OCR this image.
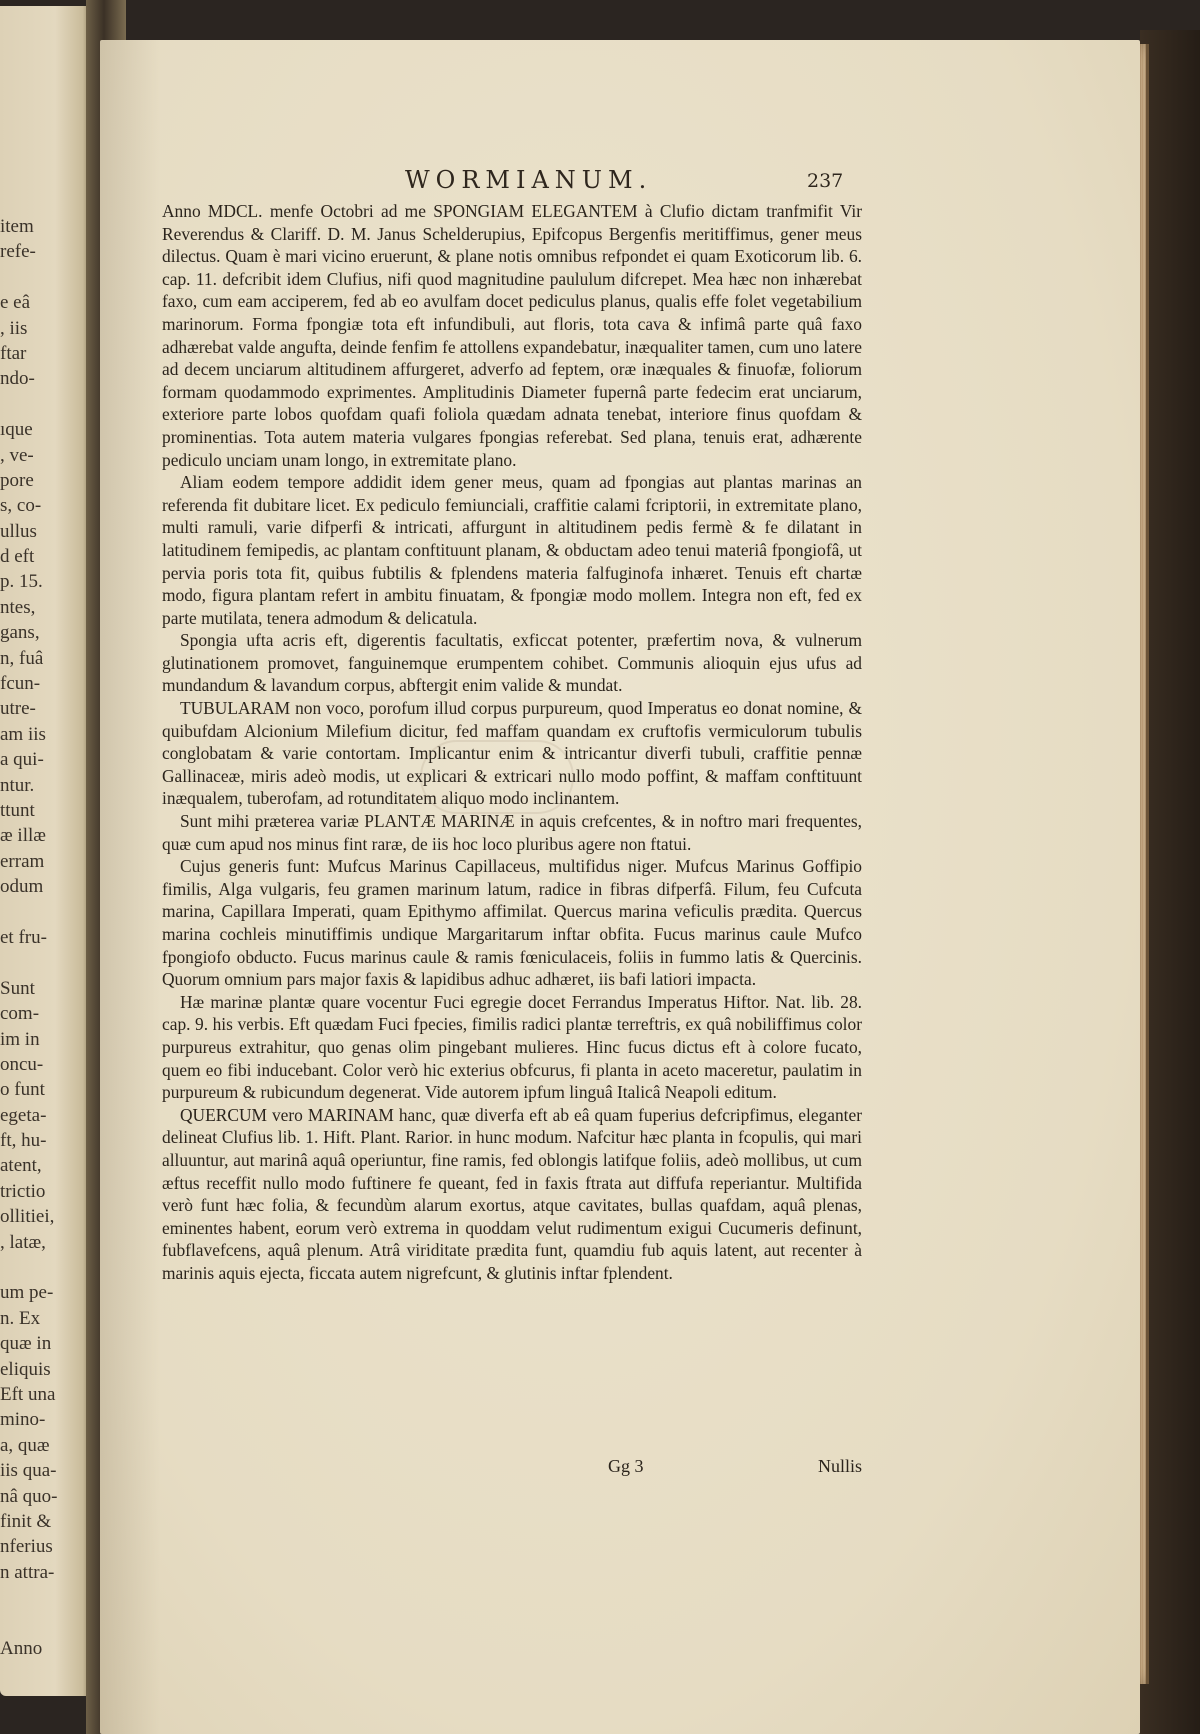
item
refe-
e eâ
, iis
ftar
ndo-
ıque
, ve-
pore
s, co-
ullus
d eft
p. 15.
ntes,
gans,
n, fuâ
fcun-
utre-
am iis
a qui-
ntur.
ttunt
æ illæ
erram
odum
et fru-
Sunt
com-
im in
oncu-
o funt
egeta-
ft, hu-
atent,
trictio
ollitiei,
, latæ,
um pe-
n. Ex
quæ in
eliquis
Eft una
mino-
a, quæ
iis qua-
nâ quo-
finit &
nferius
n attra-
Anno
WORMIANUM.	237

Anno MDCL. menfe Octobri ad me SPONGIAM ELEGANTEM à Clufio dictam tranfmifit Vir Reverendus & Clariff. D. M. Janus Schelderupius, Epifcopus Bergenfis meritiffimus, gener meus dilectus. Quam è mari vicino eruerunt, & plane notis omnibus refpondet ei quam Exoticorum lib. 6. cap. 11. defcribit idem Clufius, nifi quod magnitudine paululum difcrepet. Mea hæc non inhærebat faxo, cum eam acciperem, fed ab eo avulfam docet pediculus planus, qualis effe folet vegetabilium marinorum. Forma fpongiæ tota eft infundibuli, aut floris, tota cava & infimâ parte quâ faxo adhærebat valde angufta, deinde fenfim fe attollens expandebatur, inæqualiter tamen, cum uno latere ad decem unciarum altitudinem affurgeret, adverfo ad feptem, oræ inæquales & finuofæ, foliorum formam quodammodo exprimentes. Amplitudinis Diameter fupernâ parte fedecim erat unciarum, exteriore parte lobos quofdam quafi foliola quædam adnata tenebat, interiore finus quofdam & prominentias. Tota autem materia vulgares fpongias referebat. Sed plana, tenuis erat, adhærente pediculo unciam unam longo, in extremitate plano.

Aliam eodem tempore addidit idem gener meus, quam ad fpongias aut plantas marinas an referenda fit dubitare licet. Ex pediculo femiunciali, craffitie calami fcriptorii, in extremitate plano, multi ramuli, varie difperfi & intricati, affurgunt in altitudinem pedis fermè & fe dilatant in latitudinem femipedis, ac plantam conftituunt planam, & obductam adeo tenui materiâ fpongiofâ, ut pervia poris tota fit, quibus fubtilis & fplendens materia falfuginofa inhæret. Tenuis eft chartæ modo, figura plantam refert in ambitu finuatam, & fpongiæ modo mollem. Integra non eft, fed ex parte mutilata, tenera admodum & delicatula.

Spongia ufta acris eft, digerentis facultatis, exficcat potenter, præfertim nova, & vulnerum glutinationem promovet, fanguinemque erumpentem cohibet. Communis alioquin ejus ufus ad mundandum & lavandum corpus, abftergit enim valide & mundat.

TUBULARAM non voco, porofum illud corpus purpureum, quod Imperatus eo donat nomine, & quibufdam Alcionium Milefium dicitur, fed maffam quandam ex cruftofis vermiculorum tubulis conglobatam & varie contortam. Implicantur enim & intricantur diverfi tubuli, craffitie pennæ Gallinaceæ, miris adeò modis, ut explicari & extricari nullo modo poffint, & maffam conftituunt inæqualem, tuberofam, ad rotunditatem aliquo modo inclinantem.

Sunt mihi præterea variæ PLANTÆ MARINÆ in aquis crefcentes, & in noftro mari frequentes, quæ cum apud nos minus fint raræ, de iis hoc loco pluribus agere non ftatui.

Cujus generis funt: Mufcus Marinus Capillaceus, multifidus niger. Mufcus Marinus Goffipio fimilis, Alga vulgaris, feu gramen marinum latum, radice in fibras difperfâ. Filum, feu Cufcuta marina, Capillara Imperati, quam Epithymo affimilat. Quercus marina veficulis prædita. Quercus marina cochleis minutiffimis undique Margaritarum inftar obfita. Fucus marinus caule Mufco fpongiofo obducto. Fucus marinus caule & ramis fœniculaceis, foliis in fummo latis & Quercinis. Quorum omnium pars major faxis & lapidibus adhuc adhæret, iis bafi latiori impacta.

Hæ marinæ plantæ quare vocentur Fuci egregie docet Ferrandus Imperatus Hiftor. Nat. lib. 28. cap. 9. his verbis. Eft quædam Fuci fpecies, fimilis radici plantæ terreftris, ex quâ nobiliffimus color purpureus extrahitur, quo genas olim pingebant mulieres. Hinc fucus dictus eft à colore fucato, quem eo fibi inducebant. Color verò hic exterius obfcurus, fi planta in aceto maceretur, paulatim in purpureum & rubicundum degenerat. Vide autorem ipfum linguâ Italicâ Neapoli editum.

QUERCUM vero MARINAM hanc, quæ diverfa eft ab eâ quam fuperius defcripfimus, eleganter delineat Clufius lib. 1. Hift. Plant. Rarior. in hunc modum. Nafcitur hæc planta in fcopulis, qui mari alluuntur, aut marinâ aquâ operiuntur, fine ramis, fed oblongis latifque foliis, adeò mollibus, ut cum æftus receffit nullo modo fuftinere fe queant, fed in faxis ftrata aut diffufa reperiantur. Multifida verò funt hæc folia, & fecundùm alarum exortus, atque cavitates, bullas quafdam, aquâ plenas, eminentes habent, eorum verò extrema in quoddam velut rudimentum exigui Cucumeris definunt, fubflavefcens, aquâ plenum. Atrâ viriditate prædita funt, quamdiu fub aquis latent, aut recenter à marinis aquis ejecta, ficcata autem nigrefcunt, & glutinis inftar fplendent.

Gg 3	Nullis
